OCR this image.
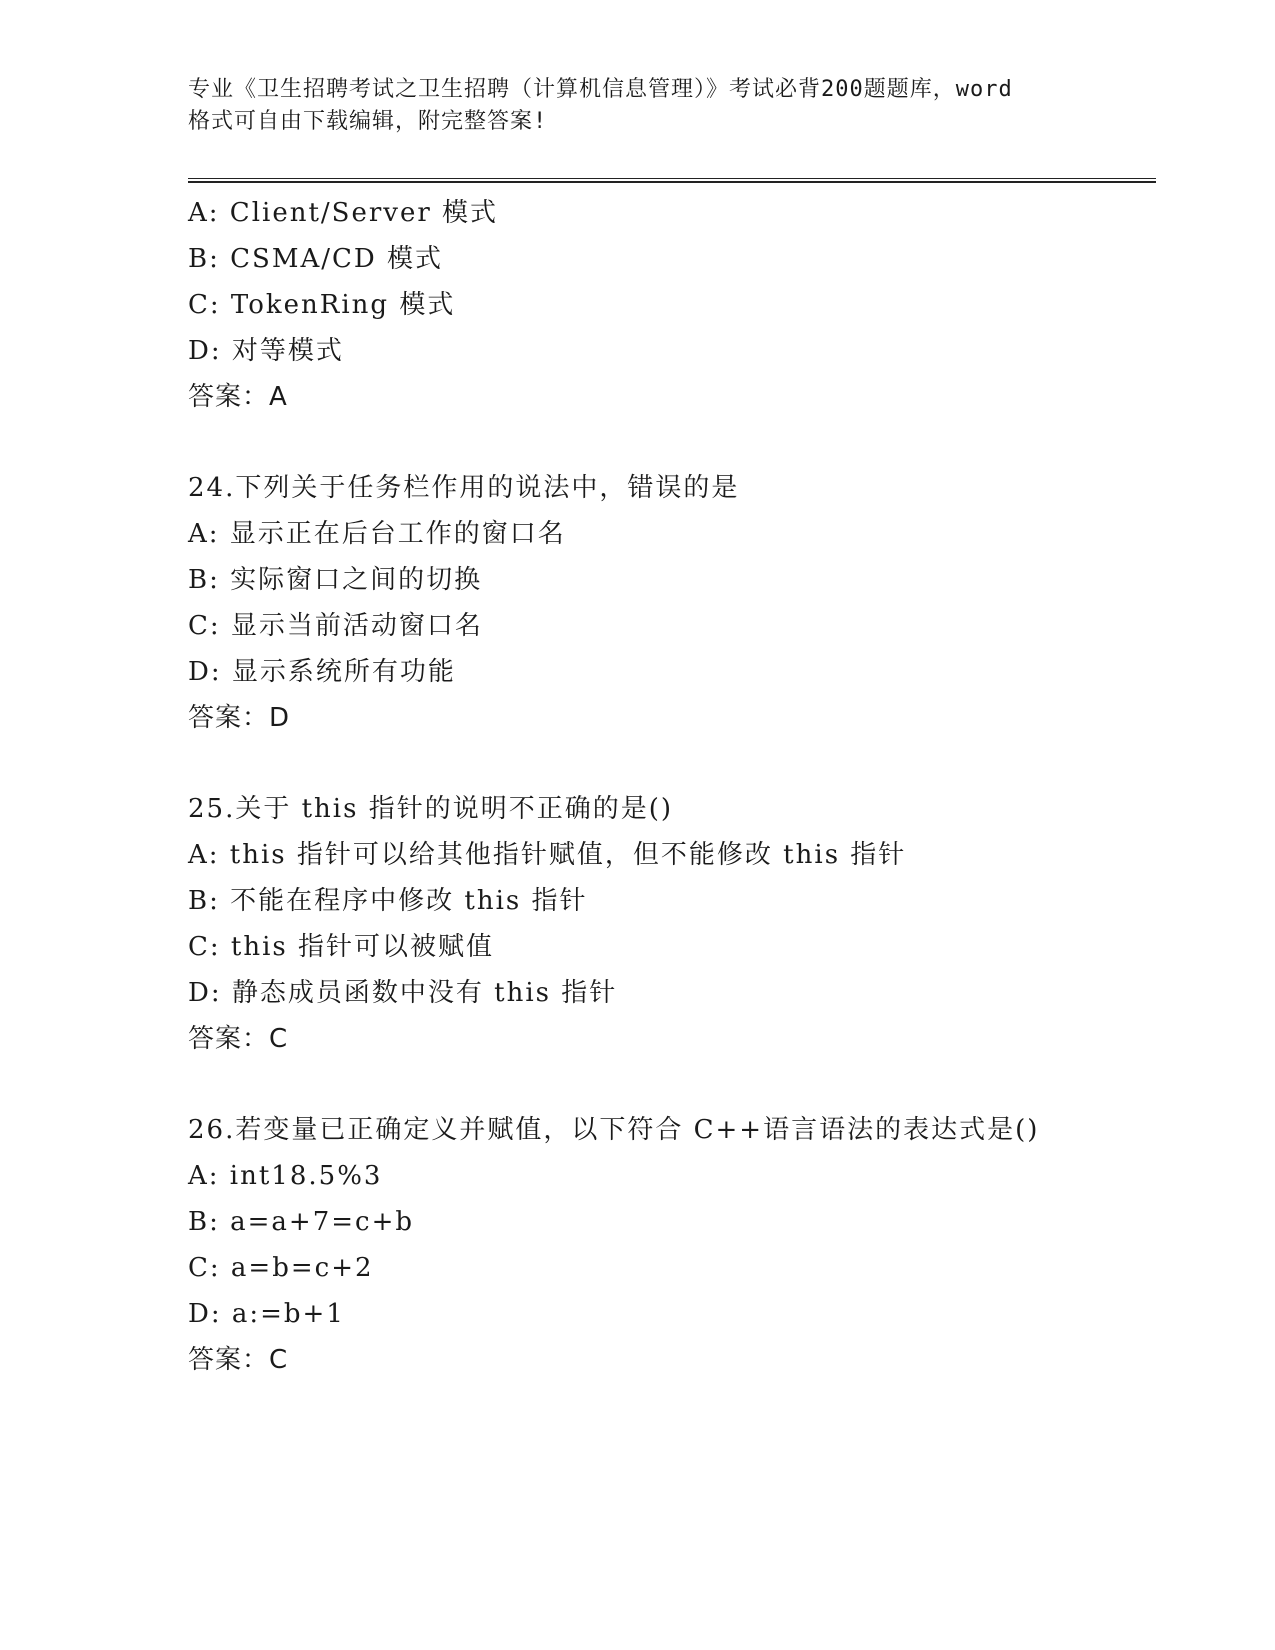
专业《卫生招聘考试之卫生招聘（计算机信息管理）》考试必背200题题库，word
格式可自由下载编辑，附完整答案!
A: Client/Server 模式
B: CSMA/CD 模式
C: TokenRing 模式
D: 对等模式
答案：A
24.下列关于任务栏作用的说法中，错误的是
A: 显示正在后台工作的窗口名
B: 实际窗口之间的切换
C: 显示当前活动窗口名
D: 显示系统所有功能
答案：D
25.关于 this 指针的说明不正确的是()
A: this 指针可以给其他指针赋值，但不能修改 this 指针
B: 不能在程序中修改 this 指针
C: this 指针可以被赋值
D: 静态成员函数中没有 this 指针
答案：C
26.若变量已正确定义并赋值，以下符合 C++语言语法的表达式是()
A: int18.5%3
B: a=a+7=c+b
C: a=b=c+2
D: a:=b+1
答案：C
